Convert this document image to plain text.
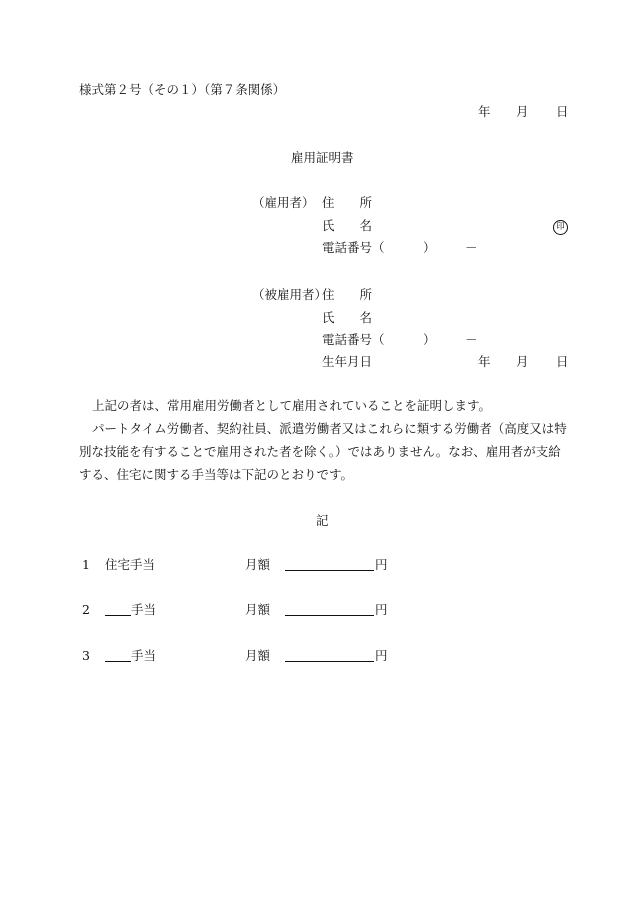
様式第２号（その１）（第７条関係）
年 月 日
雇用証明書
（雇用者） 住　　所
氏　　名	印
電話番号（	） －
（被雇用者）
住　　所
氏　　名
電話番号（	） －
生年月日	年 月 日
上記の者は、常用雇用労働者として雇用されていることを証明します。
パートタイム労働者、契約社員、派遣労働者又はこれらに類する労働者（高度又は特
別な技能を有することで雇用された者を除く。）ではありません。なお、雇用者が支給
する、住宅に関する手当等は下記のとおりです。
記
1 住宅手当	月額	円
2	手当	月額	円
3	手当	月額	円
